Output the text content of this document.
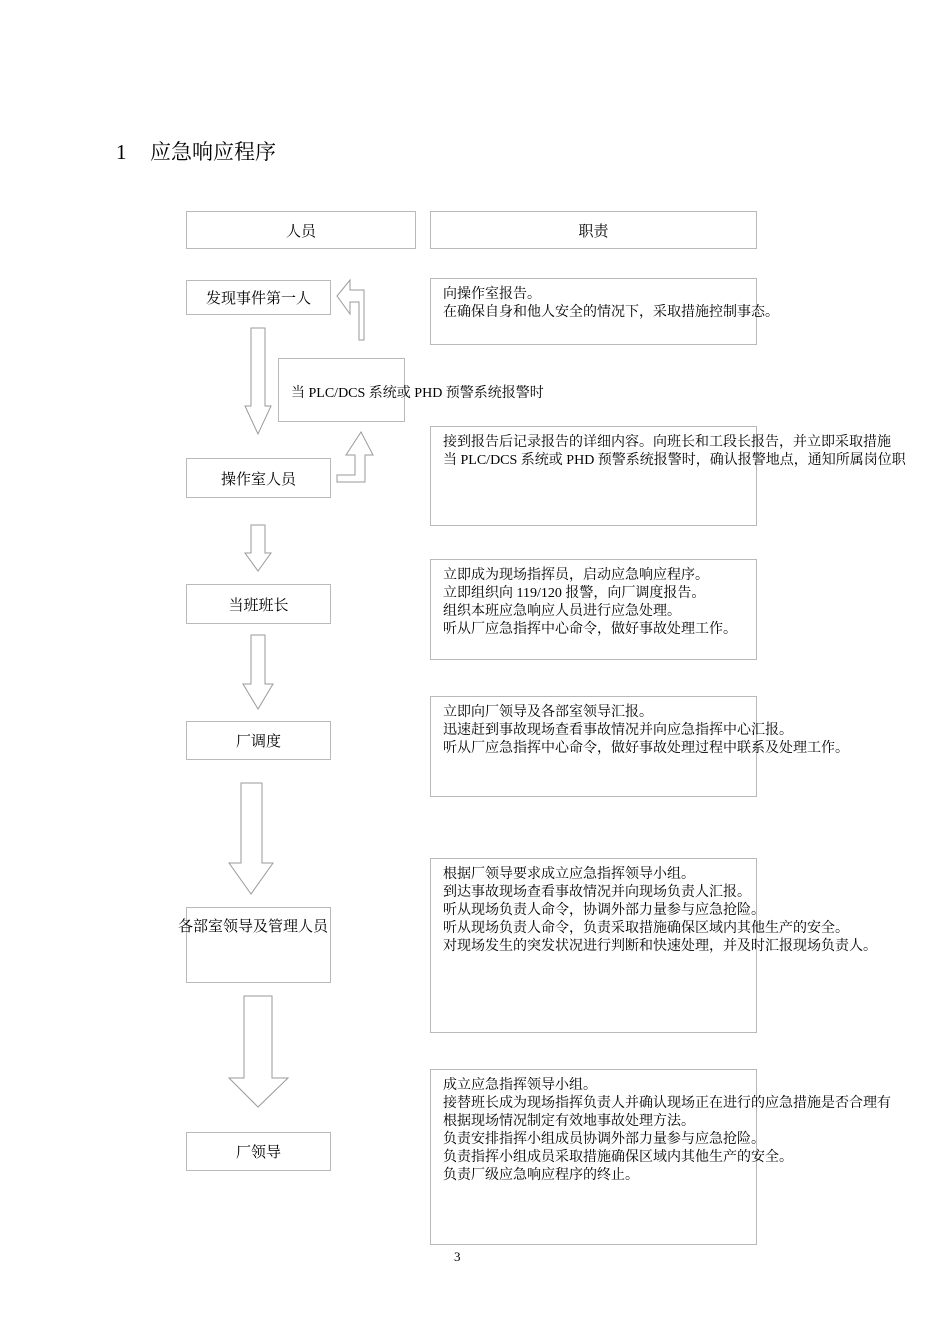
1 应急响应程序
人员	职责
当 PLC/DCS 系统或 PHD 预警系统报警时
发现事件第一人	向操作室报告。
在确保自身和他人安全的情况下，采取措施控制事态。
操作室人员
接到报告后记录报告的详细内容。向班长和工段长报告，并立即采取措施
当 PLC/DCS 系统或 PHD 预警系统报警时，确认报警地点，通知所属岗位职
当班班长
立即成为现场指挥员，启动应急响应程序。
立即组织向 119/120 报警，向厂调度报告。
组织本班应急响应人员进行应急处理。
听从厂应急指挥中心命令，做好事故处理工作。
厂调度
立即向厂领导及各部室领导汇报。
迅速赶到事故现场查看事故情况并向应急指挥中心汇报。
听从厂应急指挥中心命令，做好事故处理过程中联系及处理工作。
各部室领导及管理人员
根据厂领导要求成立应急指挥领导小组。
到达事故现场查看事故情况并向现场负责人汇报。
听从现场负责人命令，协调外部力量参与应急抢险。
听从现场负责人命令，负责采取措施确保区域内其他生产的安全。
对现场发生的突发状况进行判断和快速处理，并及时汇报现场负责人。
厂领导
成立应急指挥领导小组。
接替班长成为现场指挥负责人并确认现场正在进行的应急措施是否合理有
根据现场情况制定有效地事故处理方法。
负责安排指挥小组成员协调外部力量参与应急抢险。
负责指挥小组成员采取措施确保区域内其他生产的安全。
负责厂级应急响应程序的终止。
3
